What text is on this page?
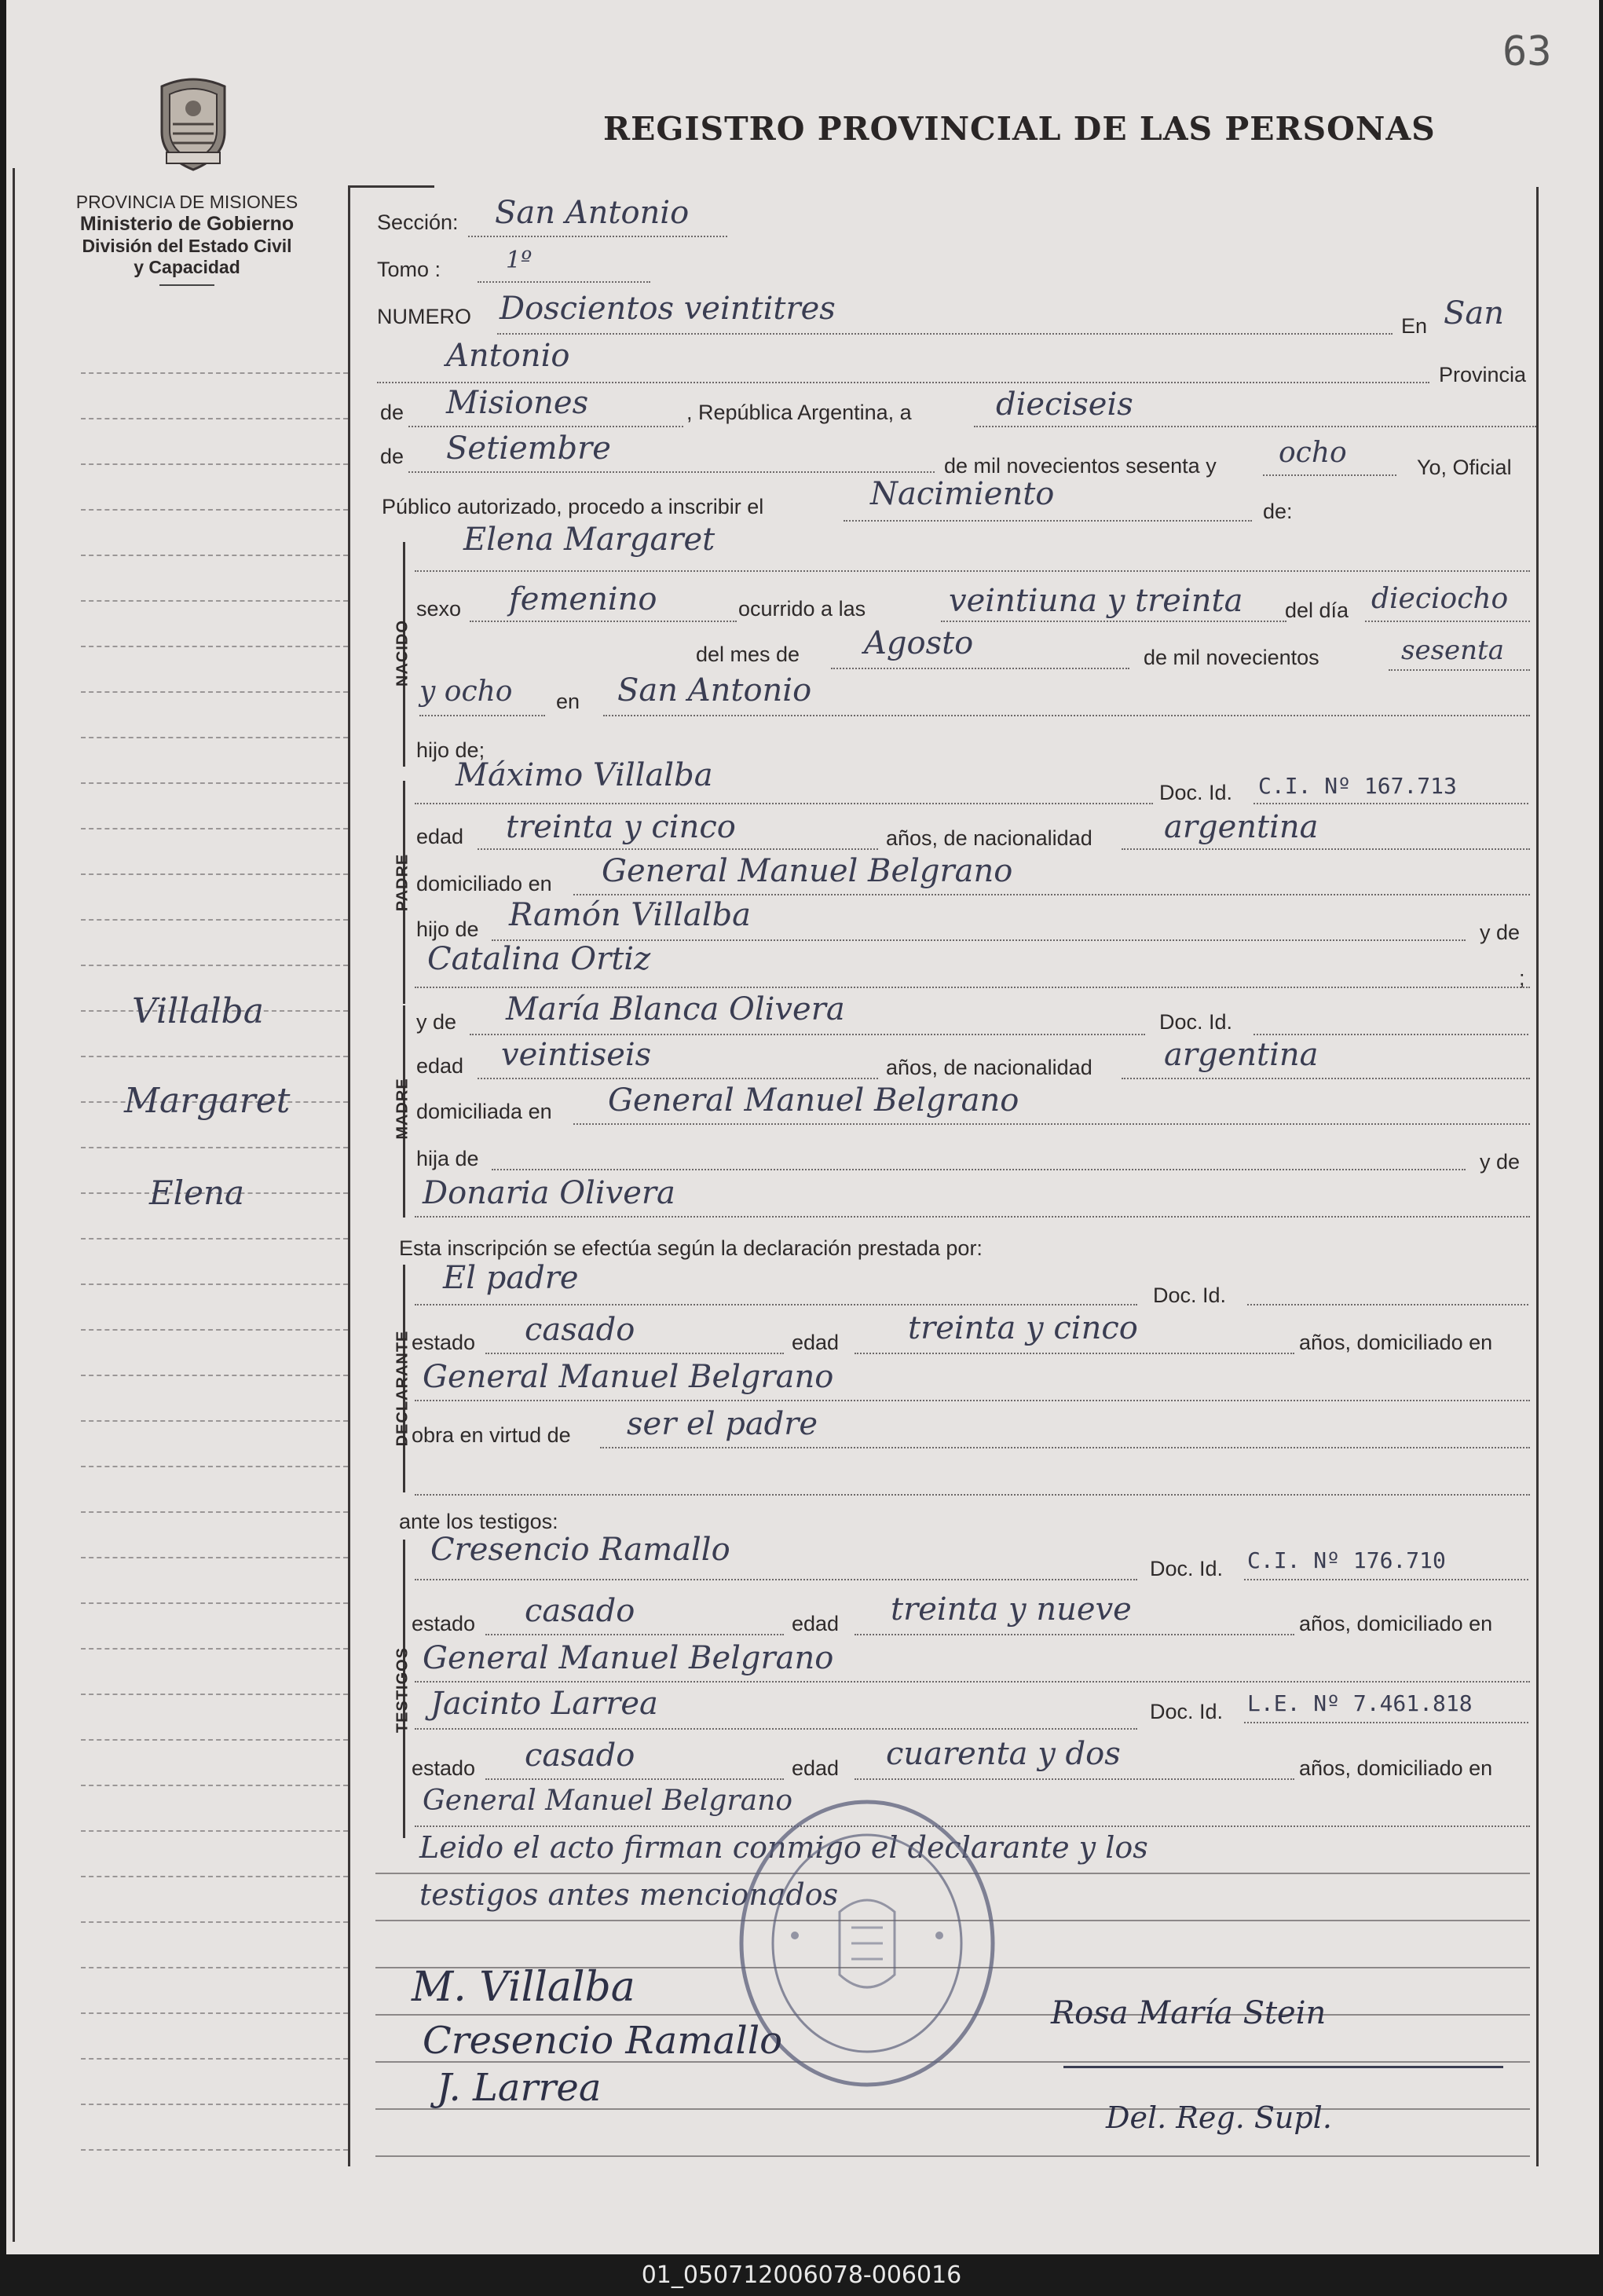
63
REGISTRO PROVINCIAL DE LAS PERSONAS
PROVINCIA DE MISIONES
Ministerio de Gobierno
División del Estado Civil
y Capacidad
Villalba
Margaret
Elena
Sección: San Antonio
Tomo :	1º
NUMERO Doscientos veintitres	En San
Antonio
Provincia
de Misiones	, República Argentina, a	dieciseis
de Setiembre	de mil novecientos sesenta y ocho	Yo, Oficial
Público autorizado, procedo a inscribir el	Nacimiento	de:
NACIDO
Elena Margaret
sexo femenino	ocurrido a las	veintiuna y treinta del día dieciocho
del mes de Agosto	de mil novecientos	sesenta
y ocho en San Antonio
hijo de;
PADRE
Máximo Villalba	Doc. Id. C.I. Nº 167.713
edad treinta y cinco	años, de nacionalidad argentina
domiciliado en General Manuel Belgrano
hijo de Ramón Villalba	y de
Catalina Ortiz
;
MADRE
y de María Blanca Olivera	Doc. Id.
edad veintiseis	años, de nacionalidad argentina
domiciliada en General Manuel Belgrano
hija de	y de
Donaria Olivera
Esta inscripción se efectúa según la declaración prestada por:
DECLARANTE
El padre	Doc. Id.
estado casado	edad treinta y cinco	años, domiciliado en
General Manuel Belgrano
obra en virtud de ser el padre
ante los testigos:
TESTIGOS
Cresencio Ramallo
Doc. Id. C.I. Nº 176.710
estado casado	edad treinta y nueve	años, domiciliado en
General Manuel Belgrano
Jacinto Larrea	Doc. Id. L.E. Nº 7.461.818
estado casado	edad cuarenta y dos	años, domiciliado en
General Manuel Belgrano
Leido el acto firman conmigo el declarante y los
testigos antes mencionados
M. Villalba
Cresencio Ramallo
J. Larrea
Rosa María Stein
Del. Reg. Supl.
01_050712006078-006016
